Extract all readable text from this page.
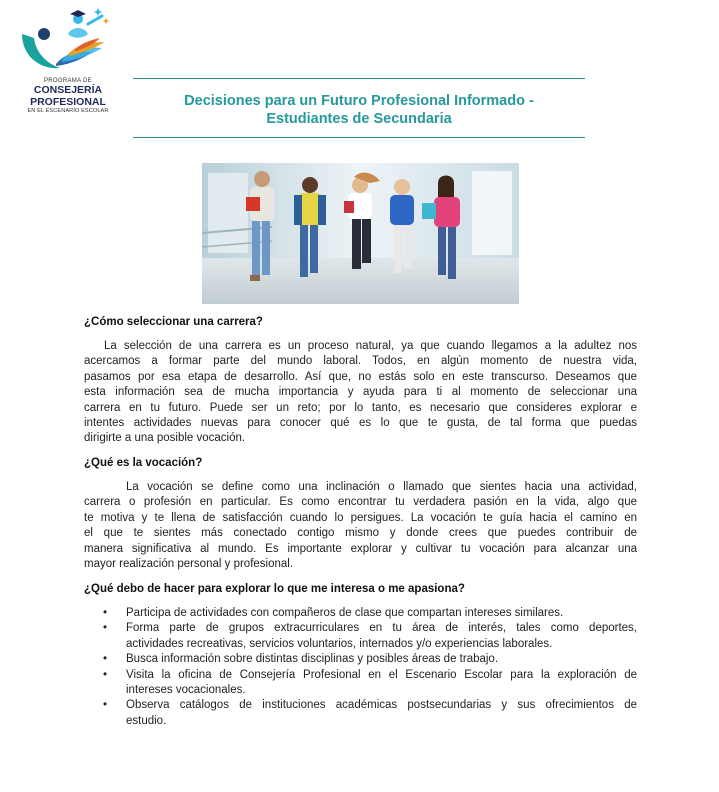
PROGRAMA DE
CONSEJERÍA
PROFESIONAL
EN EL ESCENARIO ESCOLAR
Decisiones para un Futuro Profesional Informado -
Estudiantes de Secundaria
¿Cómo seleccionar una carrera?
La selección de una carrera es un proceso natural, ya que cuando llegamos a la adultez nos
acercamos a formar parte del mundo laboral. Todos, en algún momento de nuestra vida,
pasamos por esa etapa de desarrollo. Así que, no estás solo en este transcurso. Deseamos que
esta información sea de mucha importancia y ayuda para ti al momento de seleccionar una
carrera en tu futuro. Puede ser un reto; por lo tanto, es necesario que consideres explorar e
intentes actividades nuevas para conocer qué es lo que te gusta, de tal forma que puedas
dirigirte a una posible vocación.
¿Qué es la vocación?
La vocación se define como una inclinación o llamado que sientes hacia una actividad,
carrera o profesión en particular. Es como encontrar tu verdadera pasión en la vida, algo que
te motiva y te llena de satisfacción cuando lo persigues. La vocación te guía hacia el camino en
el que te sientes más conectado contigo mismo y donde crees que puedes contribuir de
manera significativa al mundo. Es importante explorar y cultivar tu vocación para alcanzar una
mayor realización personal y profesional.
¿Qué debo de hacer para explorar lo que me interesa o me apasiona?
• Participa de actividades con compañeros de clase que compartan intereses similares.
• Forma parte de grupos extracurriculares en tu área de interés, tales como deportes,
actividades recreativas, servicios voluntarios, internados y/o experiencias laborales.
• Busca información sobre distintas disciplinas y posibles áreas de trabajo.
• Visita la oficina de Consejería Profesional en el Escenario Escolar para la exploración de
intereses vocacionales.
• Observa catálogos de instituciones académicas postsecundarias y sus ofrecimientos de
estudio.
